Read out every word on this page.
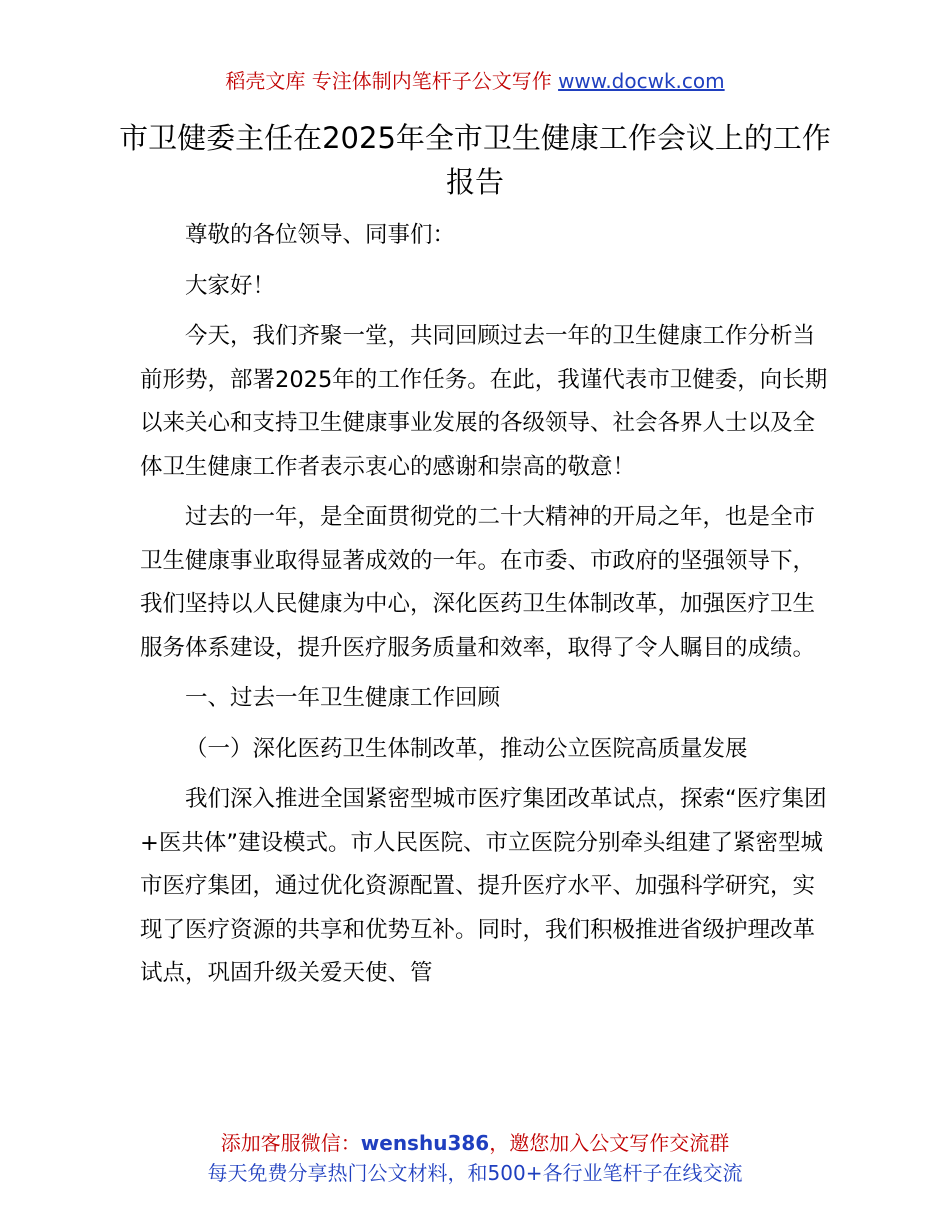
稻壳文库 专注体制内笔杆子公文写作 www.docwk.com
市卫健委主任在2025年全市卫生健康工作会议上的工作报告

尊敬的各位领导、同事们：

大家好！

今天，我们齐聚一堂，共同回顾过去一年的卫生健康工作分析当前形势，部署2025年的工作任务。在此，我谨代表市卫健委，向长期以来关心和支持卫生健康事业发展的各级领导、社会各界人士以及全体卫生健康工作者表示衷心的感谢和崇高的敬意！

过去的一年，是全面贯彻党的二十大精神的开局之年，也是全市卫生健康事业取得显著成效的一年。在市委、市政府的坚强领导下，我们坚持以人民健康为中心，深化医药卫生体制改革，加强医疗卫生服务体系建设，提升医疗服务质量和效率，取得了令人瞩目的成绩。

一、过去一年卫生健康工作回顾

（一）深化医药卫生体制改革，推动公立医院高质量发展

我们深入推进全国紧密型城市医疗集团改革试点，探索“医疗集团+医共体”建设模式。市人民医院、市立医院分别牵头组建了紧密型城市医疗集团，通过优化资源配置、提升医疗水平、加强科学研究，实现了医疗资源的共享和优势互补。同时，我们积极推进省级护理改革试点，巩固升级关爱天使、管

添加客服微信：wenshu386，邀您加入公文写作交流群
每天免费分享热门公文材料，和500+各行业笔杆子在线交流
